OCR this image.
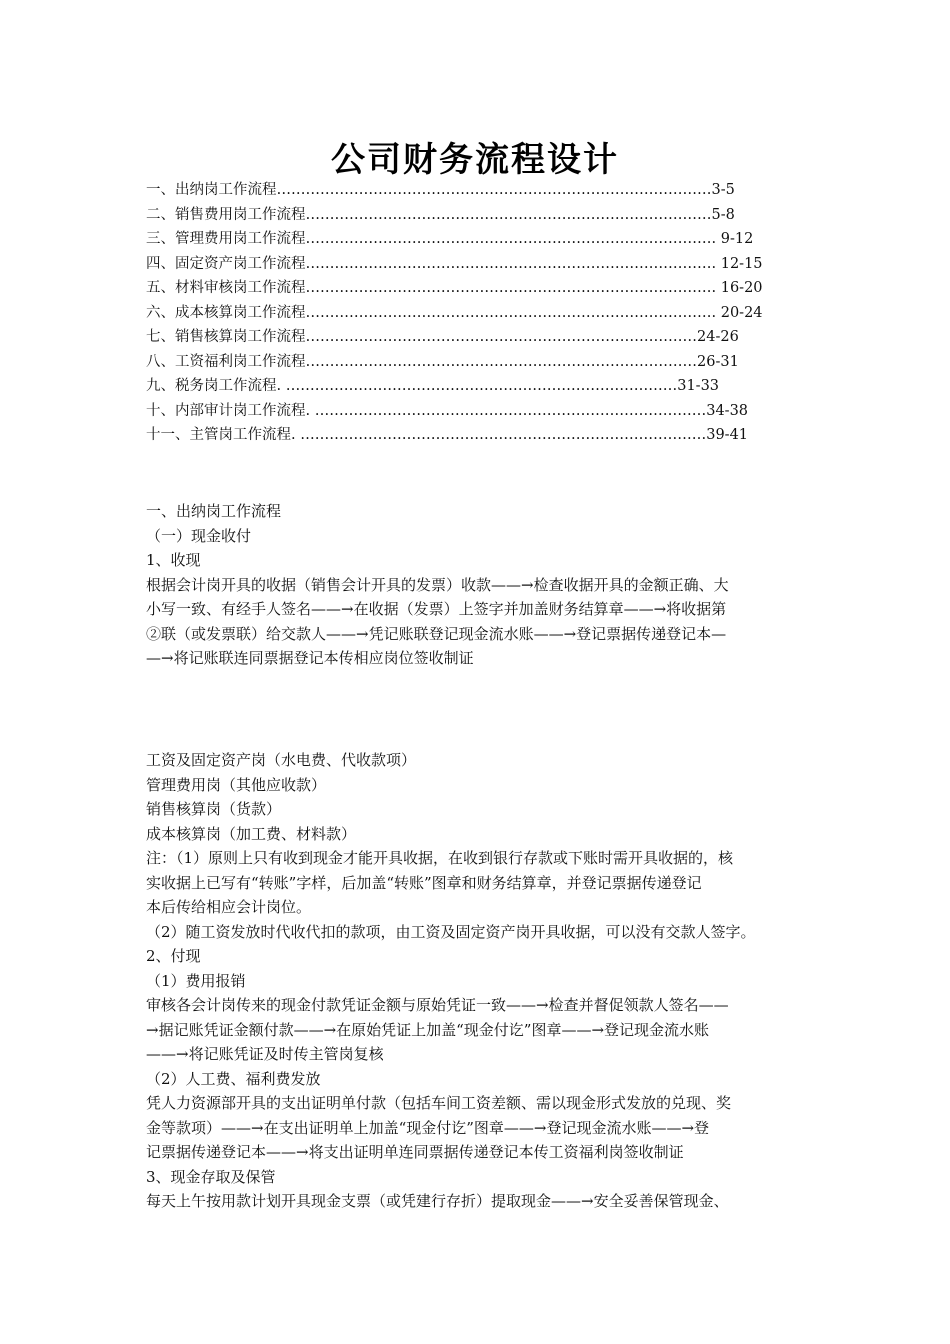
公司财务流程设计
一、出纳岗工作流程………………………………………………………………………………3-5
二、销售费用岗工作流程…………………………………………………………………………5-8
三、管理费用岗工作流程…………………………………………………………………………. 9-12
四、固定资产岗工作流程…………………………………………………………………………. 12-15
五、材料审核岗工作流程…………………………………………………………………………. 16-20
六、成本核算岗工作流程…………………………………………………………………………. 20-24
七、销售核算岗工作流程………………………………………………………………………24-26
八、工资福利岗工作流程………………………………………………………………………26-31
九、税务岗工作流程. ………………………………………………………………………31-33
十、内部审计岗工作流程. ………………………………………………………………………34-38
十一、主管岗工作流程. …………………………………………………………………………39-41
一、出纳岗工作流程
（一）现金收付
1、收现
根据会计岗开具的收据（销售会计开具的发票）收款——→检查收据开具的金额正确、大
小写一致、有经手人签名——→在收据（发票）上签字并加盖财务结算章——→将收据第
②联（或发票联）给交款人——→凭记账联登记现金流水账——→登记票据传递登记本—
—→将记账联连同票据登记本传相应岗位签收制证
工资及固定资产岗（水电费、代收款项）
管理费用岗（其他应收款）
销售核算岗（货款）
成本核算岗（加工费、材料款）
注：（1）原则上只有收到现金才能开具收据，在收到银行存款或下账时需开具收据的，核
实收据上已写有“转账”字样，后加盖“转账”图章和财务结算章，并登记票据传递登记
本后传给相应会计岗位。
（2）随工资发放时代收代扣的款项，由工资及固定资产岗开具收据，可以没有交款人签字。
2、付现
（1）费用报销
审核各会计岗传来的现金付款凭证金额与原始凭证一致——→检查并督促领款人签名——
→据记账凭证金额付款——→在原始凭证上加盖“现金付讫”图章——→登记现金流水账
——→将记账凭证及时传主管岗复核
（2）人工费、福利费发放
凭人力资源部开具的支出证明单付款（包括车间工资差额、需以现金形式发放的兑现、奖
金等款项）——→在支出证明单上加盖“现金付讫”图章——→登记现金流水账——→登
记票据传递登记本——→将支出证明单连同票据传递登记本传工资福利岗签收制证
3、现金存取及保管
每天上午按用款计划开具现金支票（或凭建行存折）提取现金——→安全妥善保管现金、
